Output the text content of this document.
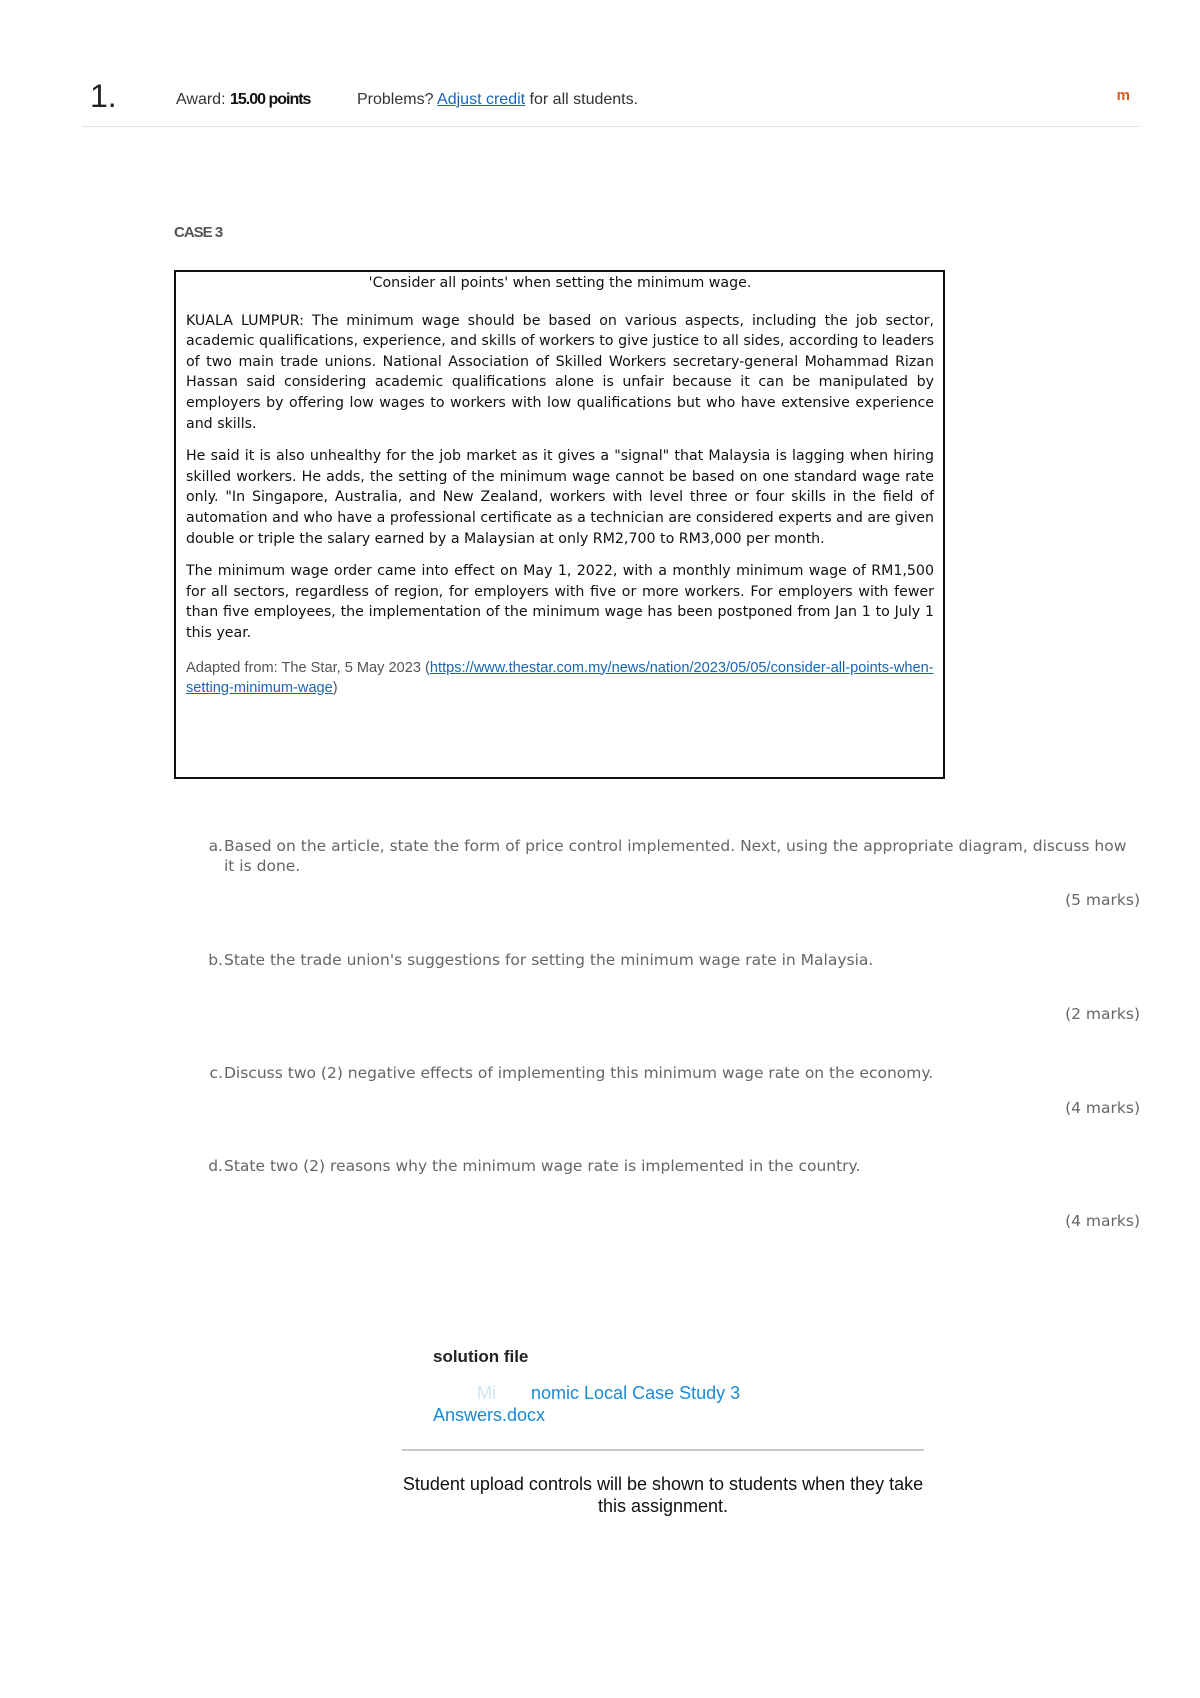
1.	Award: 15.00 points	Problems? Adjust credit for all students.	m
CASE 3
'Consider all points' when setting the minimum wage.

KUALA LUMPUR: The minimum wage should be based on various aspects, including the job sector, academic qualifications, experience, and skills of workers to give justice to all sides, according to leaders of two main trade unions. National Association of Skilled Workers secretary-general Mohammad Rizan Hassan said considering academic qualifications alone is unfair because it can be manipulated by employers by offering low wages to workers with low qualifications but who have extensive experience and skills.

He said it is also unhealthy for the job market as it gives a "signal" that Malaysia is lagging when hiring skilled workers. He adds, the setting of the minimum wage cannot be based on one standard wage rate only. "In Singapore, Australia, and New Zealand, workers with level three or four skills in the field of automation and who have a professional certificate as a technician are considered experts and are given double or triple the salary earned by a Malaysian at only RM2,700 to RM3,000 per month.

The minimum wage order came into effect on May 1, 2022, with a monthly minimum wage of RM1,500 for all sectors, regardless of region, for employers with five or more workers. For employers with fewer than five employees, the implementation of the minimum wage has been postponed from Jan 1 to July 1 this year.

Adapted from: The Star, 5 May 2023 (https://www.thestar.com.my/news/nation/2023/05/05/consider-all-points-when-setting-minimum-wage)
a. Based on the article, state the form of price control implemented. Next, using the appropriate diagram, discuss how it is done.
(5 marks)
b. State the trade union's suggestions for setting the minimum wage rate in Malaysia.
(2 marks)
c. Discuss two (2) negative effects of implementing this minimum wage rate on the economy.
(4 marks)
d. State two (2) reasons why the minimum wage rate is implemented in the country.
(4 marks)
solution file
Mi nomic Local Case Study 3
Answers.docx
Student upload controls will be shown to students when they take this assignment.
